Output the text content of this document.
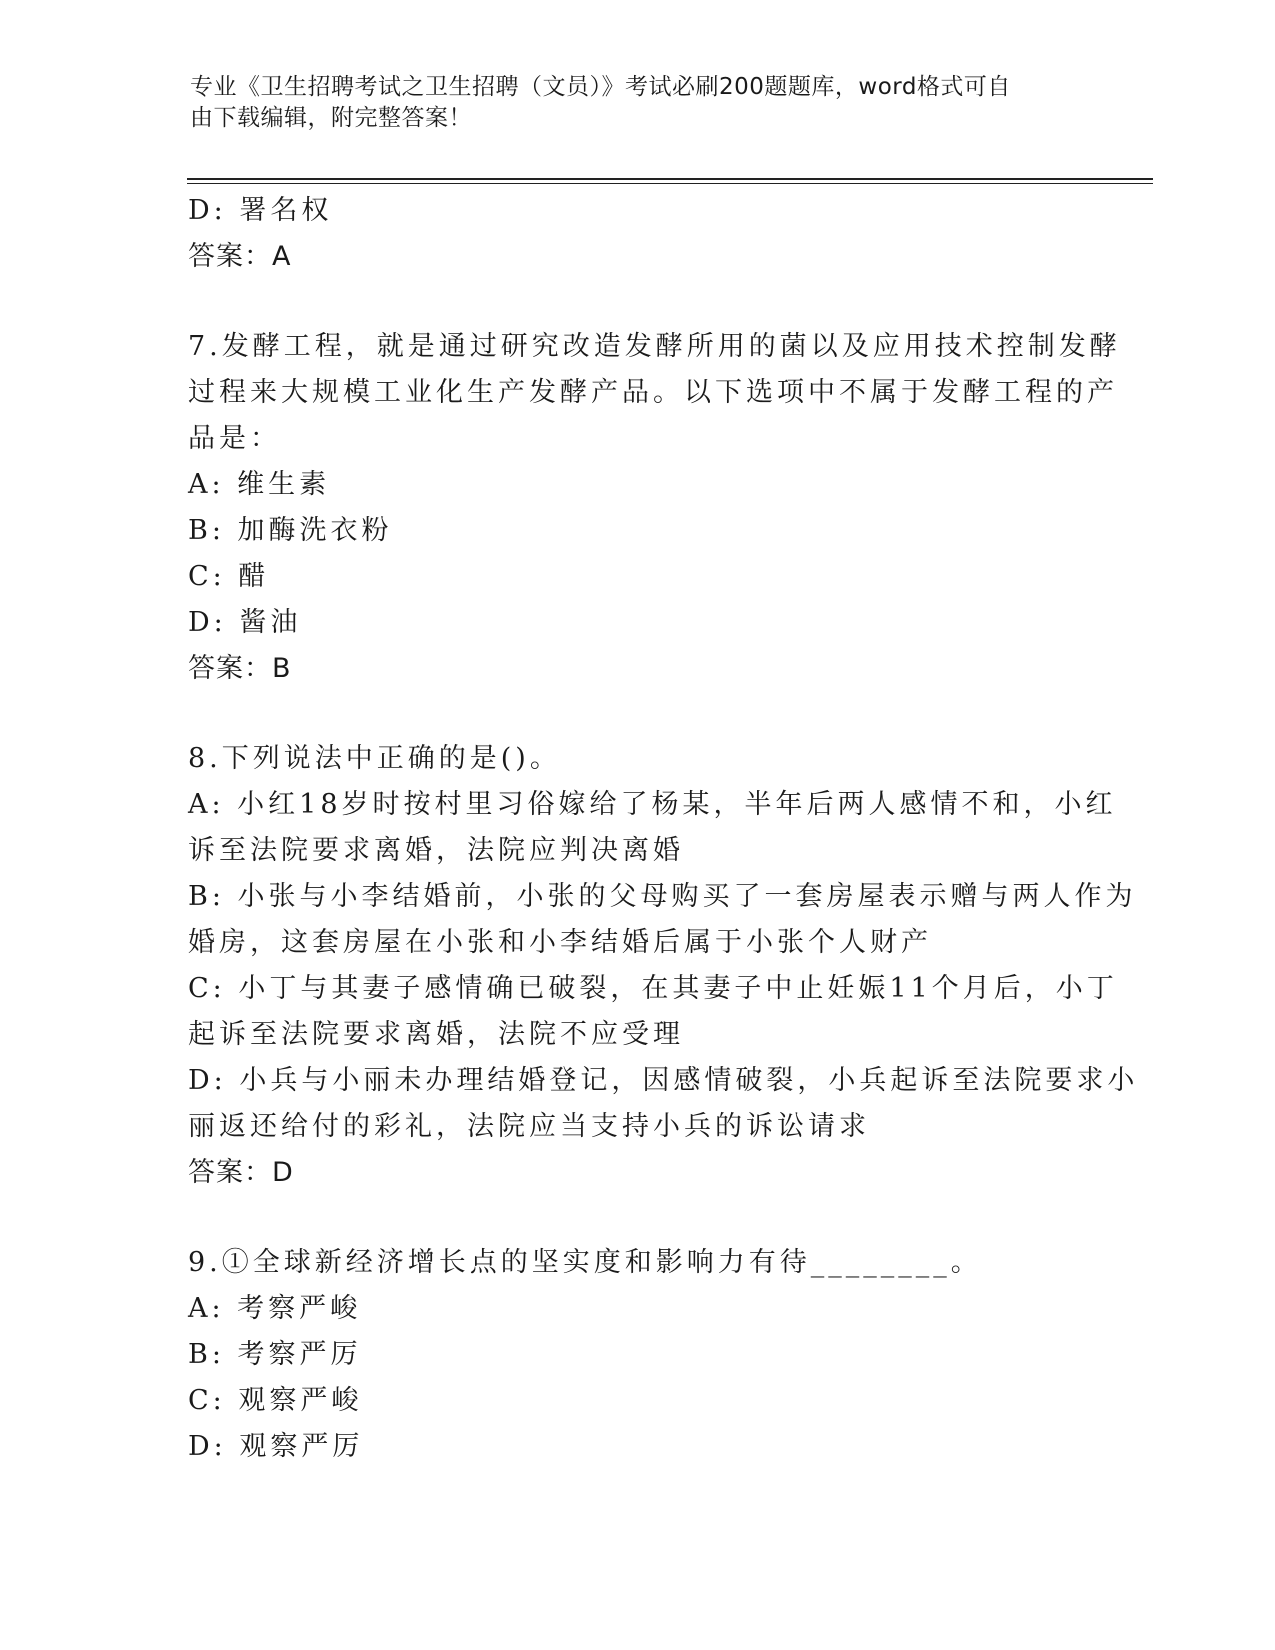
专业《卫生招聘考试之卫生招聘（文员）》考试必刷200题题库，word格式可自
由下载编辑，附完整答案！
D: 署名权
答案：A
7.发酵工程，就是通过研究改造发酵所用的菌以及应用技术控制发酵
过程来大规模工业化生产发酵产品。以下选项中不属于发酵工程的产
品是：
A: 维生素
B: 加酶洗衣粉
C: 醋
D: 酱油
答案：B
8.下列说法中正确的是()。
A: 小红18岁时按村里习俗嫁给了杨某，半年后两人感情不和，小红
诉至法院要求离婚，法院应判决离婚
B: 小张与小李结婚前，小张的父母购买了一套房屋表示赠与两人作为
婚房，这套房屋在小张和小李结婚后属于小张个人财产
C: 小丁与其妻子感情确已破裂，在其妻子中止妊娠11个月后，小丁
起诉至法院要求离婚，法院不应受理
D: 小兵与小丽未办理结婚登记，因感情破裂，小兵起诉至法院要求小
丽返还给付的彩礼，法院应当支持小兵的诉讼请求
答案：D
9.①全球新经济增长点的坚实度和影响力有待________。
A: 考察严峻
B: 考察严厉
C: 观察严峻
D: 观察严厉
